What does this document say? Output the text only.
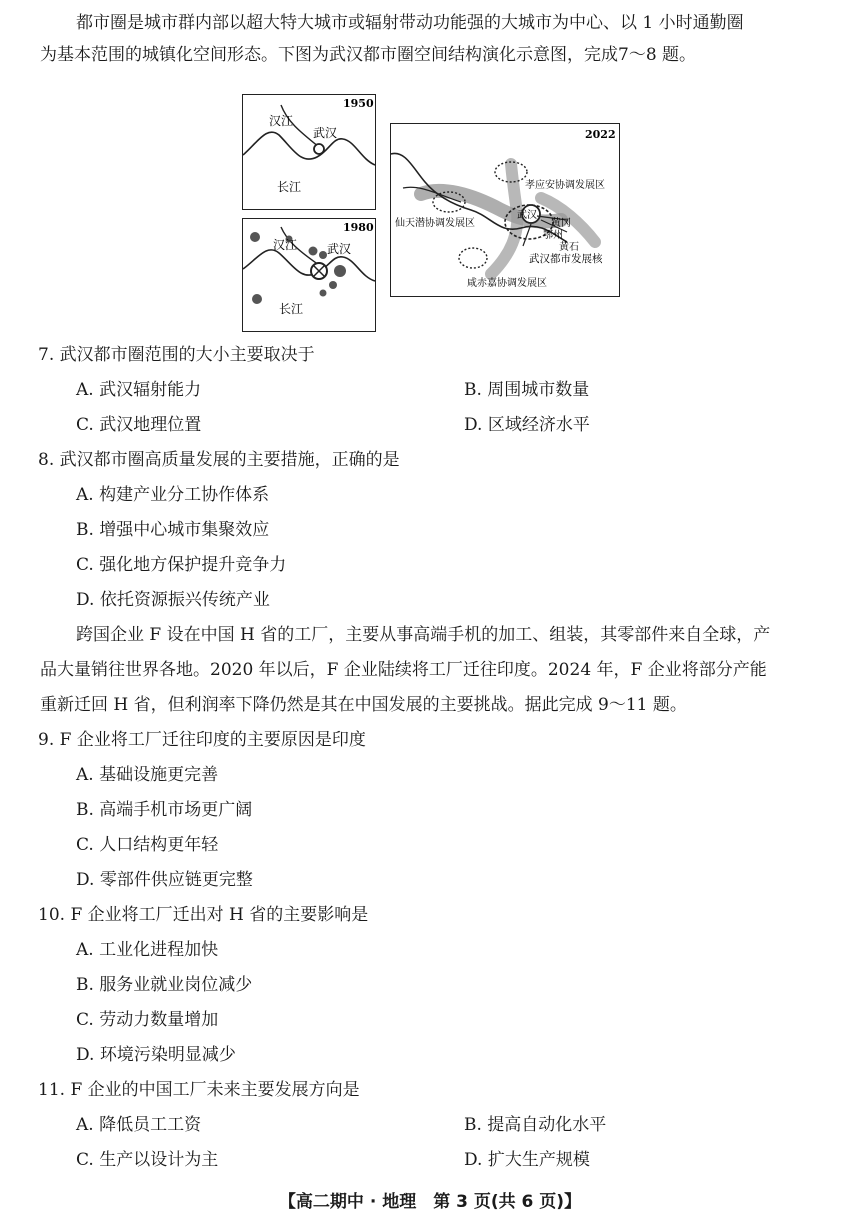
都市圈是城市群内部以超大特大城市或辐射带动功能强的大城市为中心、以 1 小时通勤圈
为基本范围的城镇化空间形态。下图为武汉都市圈空间结构演化示意图，完成7～8 题。
1950
汉江
武汉
长江
1980
汉江 武汉
长江
2022
孝应安协调发展区
仙天潜协调发展区
武汉
黄冈
鄂州
黄石
武汉都市发展核
咸赤嘉协调发展区
7. 武汉都市圈范围的大小主要取决于
A. 武汉辐射能力	B. 周围城市数量
C. 武汉地理位置	D. 区域经济水平
8. 武汉都市圈高质量发展的主要措施，正确的是
A. 构建产业分工协作体系
B. 增强中心城市集聚效应
C. 强化地方保护提升竞争力
D. 依托资源振兴传统产业
跨国企业 F 设在中国 H 省的工厂，主要从事高端手机的加工、组装，其零部件来自全球，产
品大量销往世界各地。2020 年以后，F 企业陆续将工厂迁往印度。2024 年，F 企业将部分产能
重新迁回 H 省，但利润率下降仍然是其在中国发展的主要挑战。据此完成 9～11 题。
9. F 企业将工厂迁往印度的主要原因是印度
A. 基础设施更完善
B. 高端手机市场更广阔
C. 人口结构更年轻
D. 零部件供应链更完整
10. F 企业将工厂迁出对 H 省的主要影响是
A. 工业化进程加快
B. 服务业就业岗位减少
C. 劳动力数量增加
D. 环境污染明显减少
11. F 企业的中国工厂未来主要发展方向是
A. 降低员工工资	B. 提高自动化水平
C. 生产以设计为主	D. 扩大生产规模
【高二期中 · 地理　第 3 页(共 6 页)】
